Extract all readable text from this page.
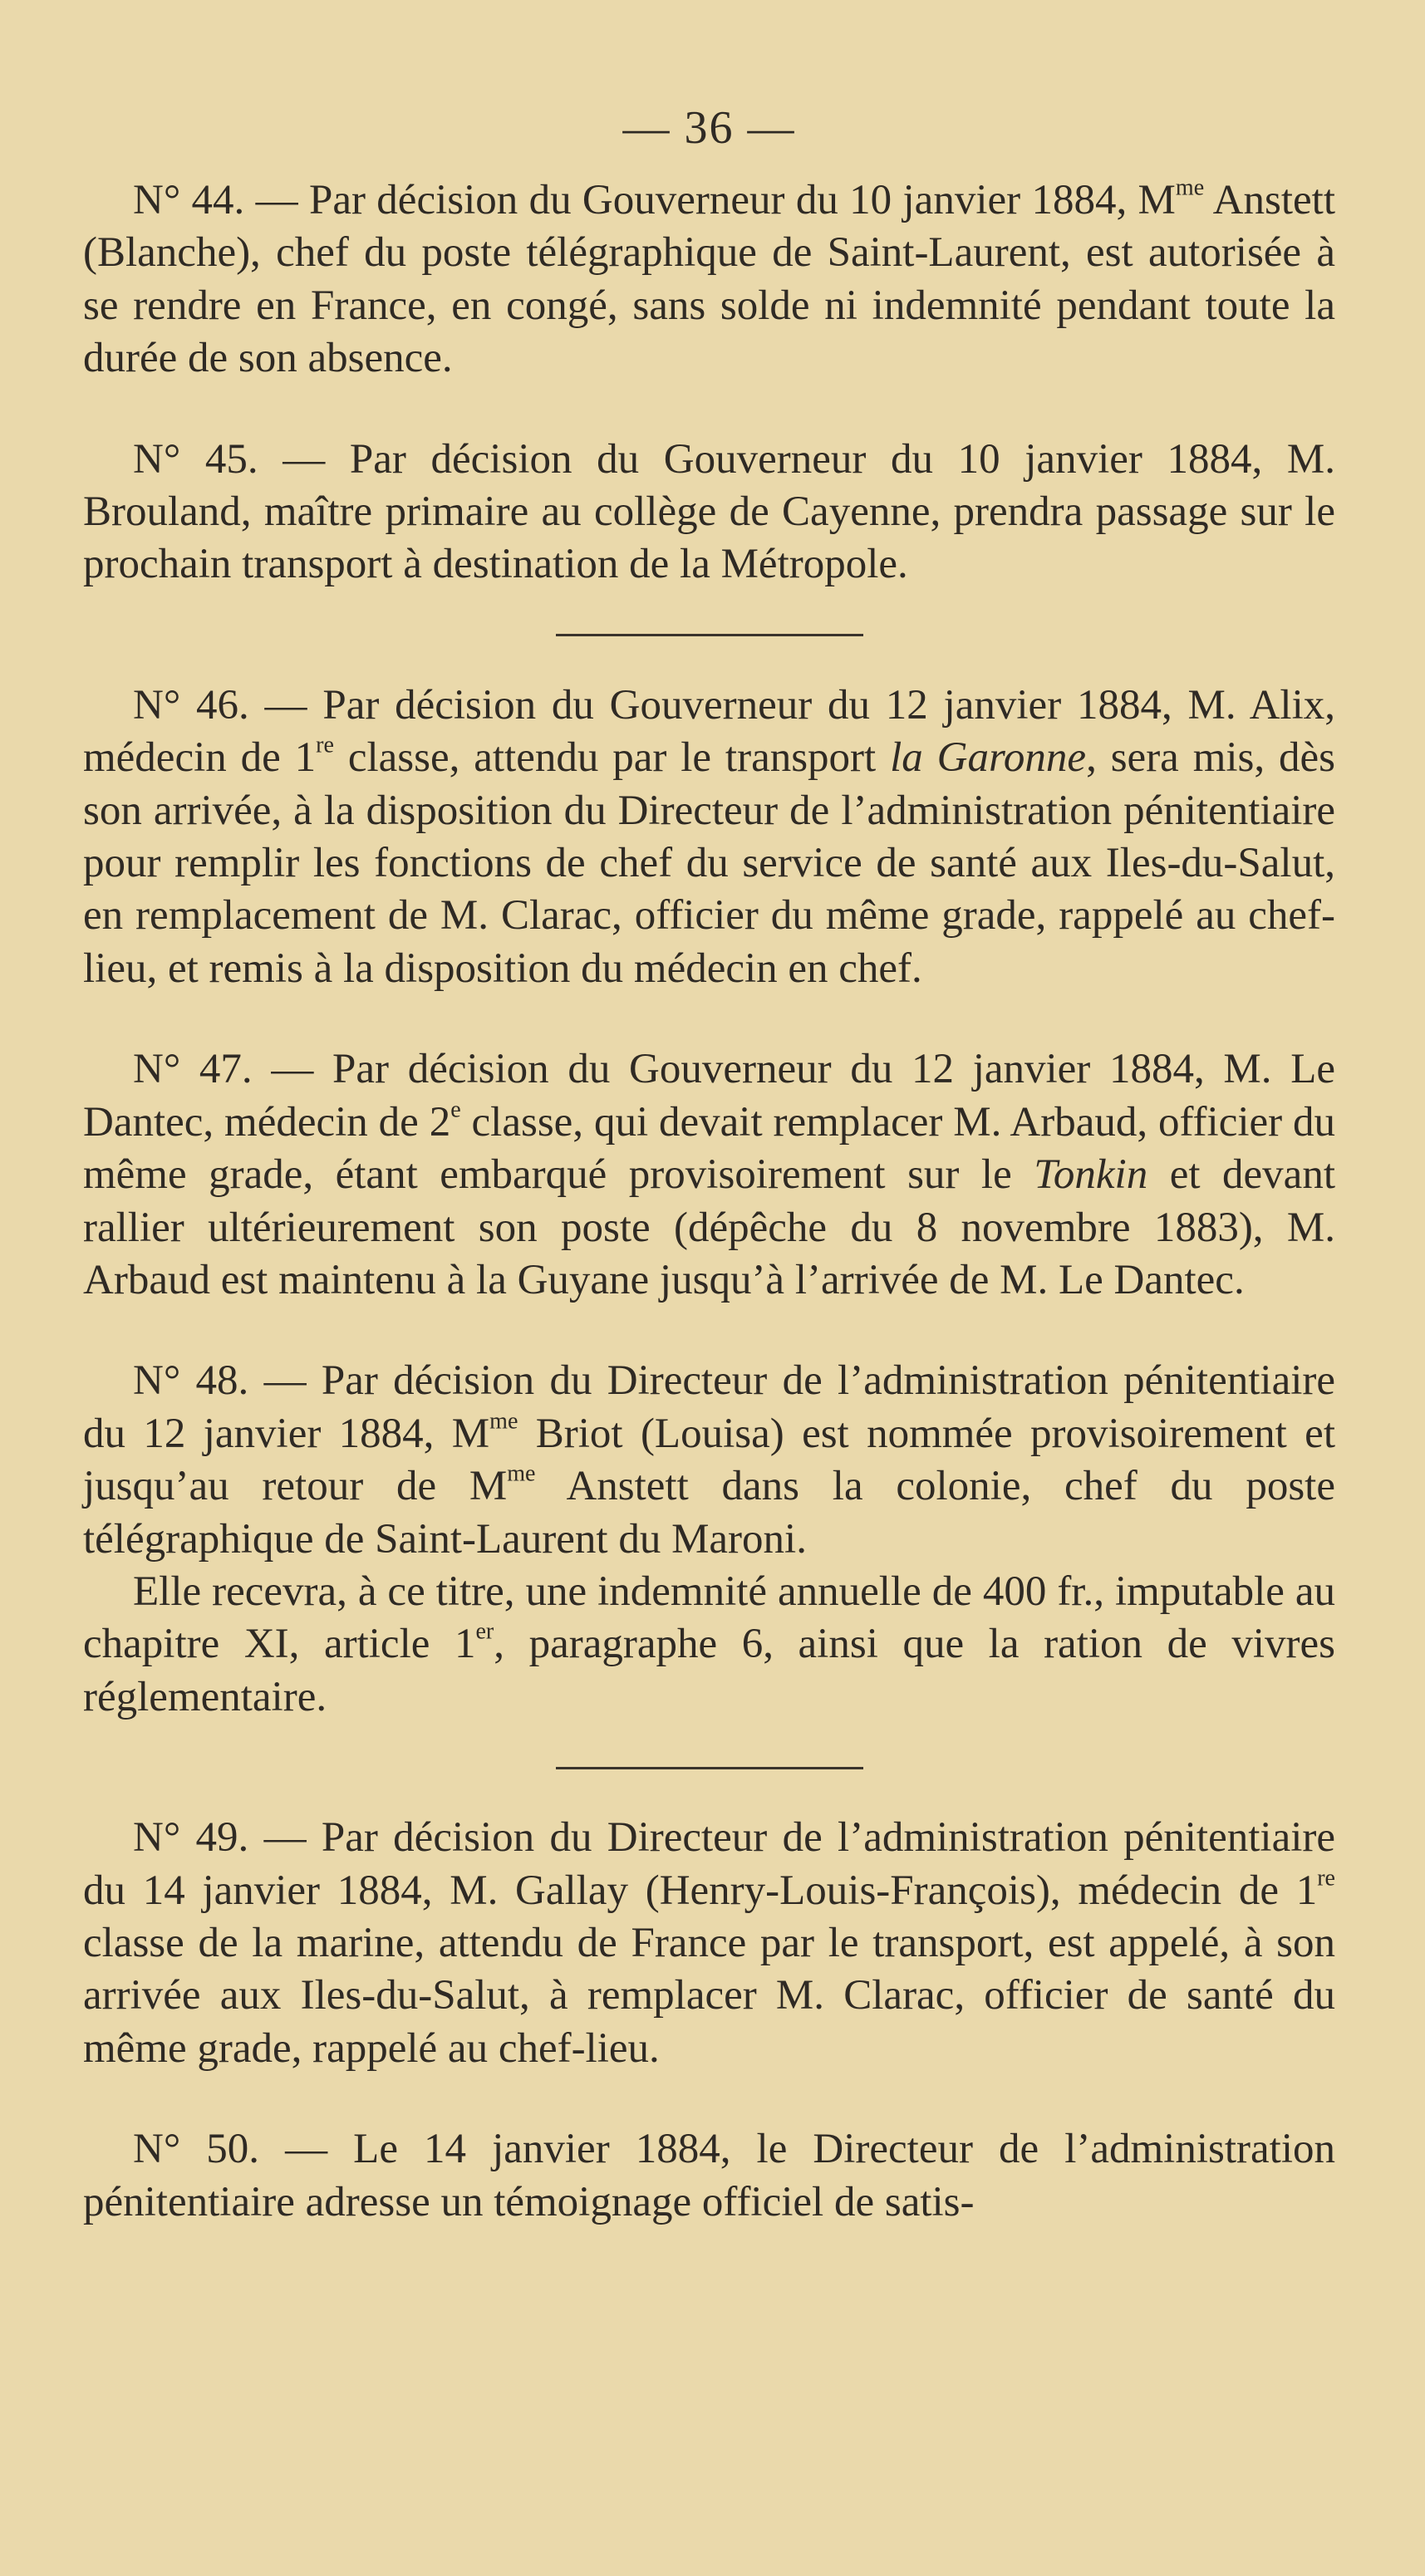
— 36 —

N° 44. — Par décision du Gouverneur du 10 janvier 1884, $M^{me}$ Anstett (Blanche), chef du poste télégraphique de Saint-Laurent, est autorisée à se rendre en France, en congé, sans solde ni indemnité pendant toute la durée de son absence.

N° 45. — Par décision du Gouverneur du 10 janvier 1884, M. Brouland, maître primaire au collège de Cayenne, prendra passage sur le prochain transport à destination de la Métropole.

N° 46. — Par décision du Gouverneur du 12 janvier 1884, M. Alix, médecin de 1re classe, attendu par le transport la Garonne, sera mis, dès son arrivée, à la disposition du Directeur de l’administration pénitentiaire pour remplir les fonctions de chef du service de santé aux Iles-du-Salut, en remplacement de M. Clarac, officier du même grade, rappelé au chef-lieu, et remis à la disposition du médecin en chef.

N° 47. — Par décision du Gouverneur du 12 janvier 1884, M. Le Dantec, médecin de 2e classe, qui devait remplacer M. Arbaud, officier du même grade, étant embarqué provisoirement sur le Tonkin et devant rallier ultérieurement son poste (dépêche du 8 novembre 1883), M. Arbaud est maintenu à la Guyane jusqu’à l’arrivée de M. Le Dantec.

N° 48. — Par décision du Directeur de l’administration pénitentiaire du 12 janvier 1884, $M^{me}$ Briot (Louisa) est nommée provisoirement et jusqu’au retour de $M^{me}$ Anstett dans la colonie, chef du poste télégraphique de Saint-Laurent du Maroni.

Elle recevra, à ce titre, une indemnité annuelle de 400 fr., imputable au chapitre XI, article 1er, paragraphe 6, ainsi que la ration de vivres réglementaire.

N° 49. — Par décision du Directeur de l’administration pénitentiaire du 14 janvier 1884, M. Gallay (Henry-Louis-François), médecin de 1re classe de la marine, attendu de France par le transport, est appelé, à son arrivée aux Iles-du-Salut, à remplacer M. Clarac, officier de santé du même grade, rappelé au chef-lieu.

N° 50. — Le 14 janvier 1884, le Directeur de l’administration pénitentiaire adresse un témoignage officiel de satis-
